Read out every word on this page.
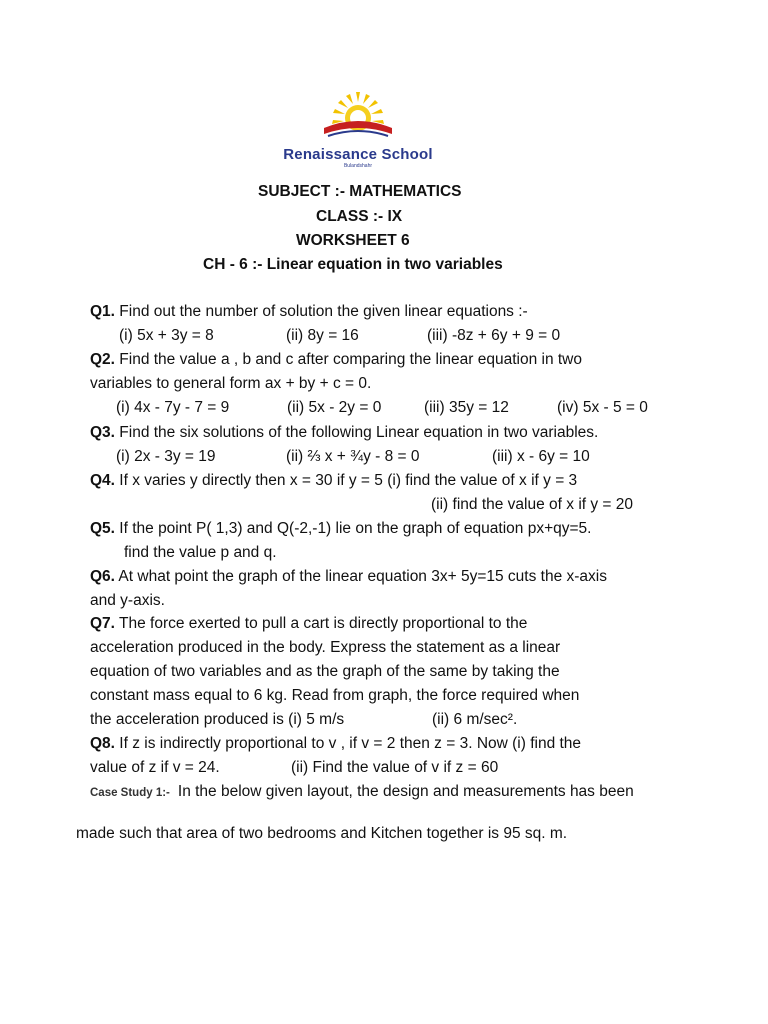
Renaissance School
Bulandshahr
SUBJECT :- MATHEMATICS
CLASS :- IX
WORKSHEET 6
CH - 6 :- Linear equation in two variables
Q1. Find out the number of solution the given linear equations :-
(i) 5x + 3y = 8	(ii) 8y = 16	(iii) -8z + 6y + 9 = 0
Q2. Find the value a , b and c after comparing the linear equation in two
variables to general form ax + by + c = 0.
(i) 4x - 7y - 7 = 9	(ii) 5x - 2y = 0	(iii) 35y = 12	(iv) 5x - 5 = 0
Q3. Find the six solutions of the following Linear equation in two variables.
(i) 2x - 3y = 19	(ii) ⅔ x + ¾y - 8 = 0	(iii) x - 6y = 10
Q4. If x varies y directly then x = 30 if y = 5 (i) find the value of x if y = 3
(ii) find the value of x if y = 20
Q5. If the point P( 1,3) and Q(-2,-1) lie on the graph of equation px+qy=5.
find the value p and q.
Q6. At what point the graph of the linear equation 3x+ 5y=15 cuts the x-axis
and y-axis.
Q7. The force exerted to pull a cart is directly proportional to the
acceleration produced in the body. Express the statement as a linear
equation of two variables and as the graph of the same by taking the
constant mass equal to 6 kg. Read from graph, the force required when
the acceleration produced is (i) 5 m/s	(ii) 6 m/sec².
Q8. If z is indirectly proportional to v , if v = 2 then z = 3. Now (i) find the
value of z if v = 24.	(ii) Find the value of v if z = 60
Case Study 1:- In the below given layout, the design and measurements has been
made such that area of two bedrooms and Kitchen together is 95 sq. m.
